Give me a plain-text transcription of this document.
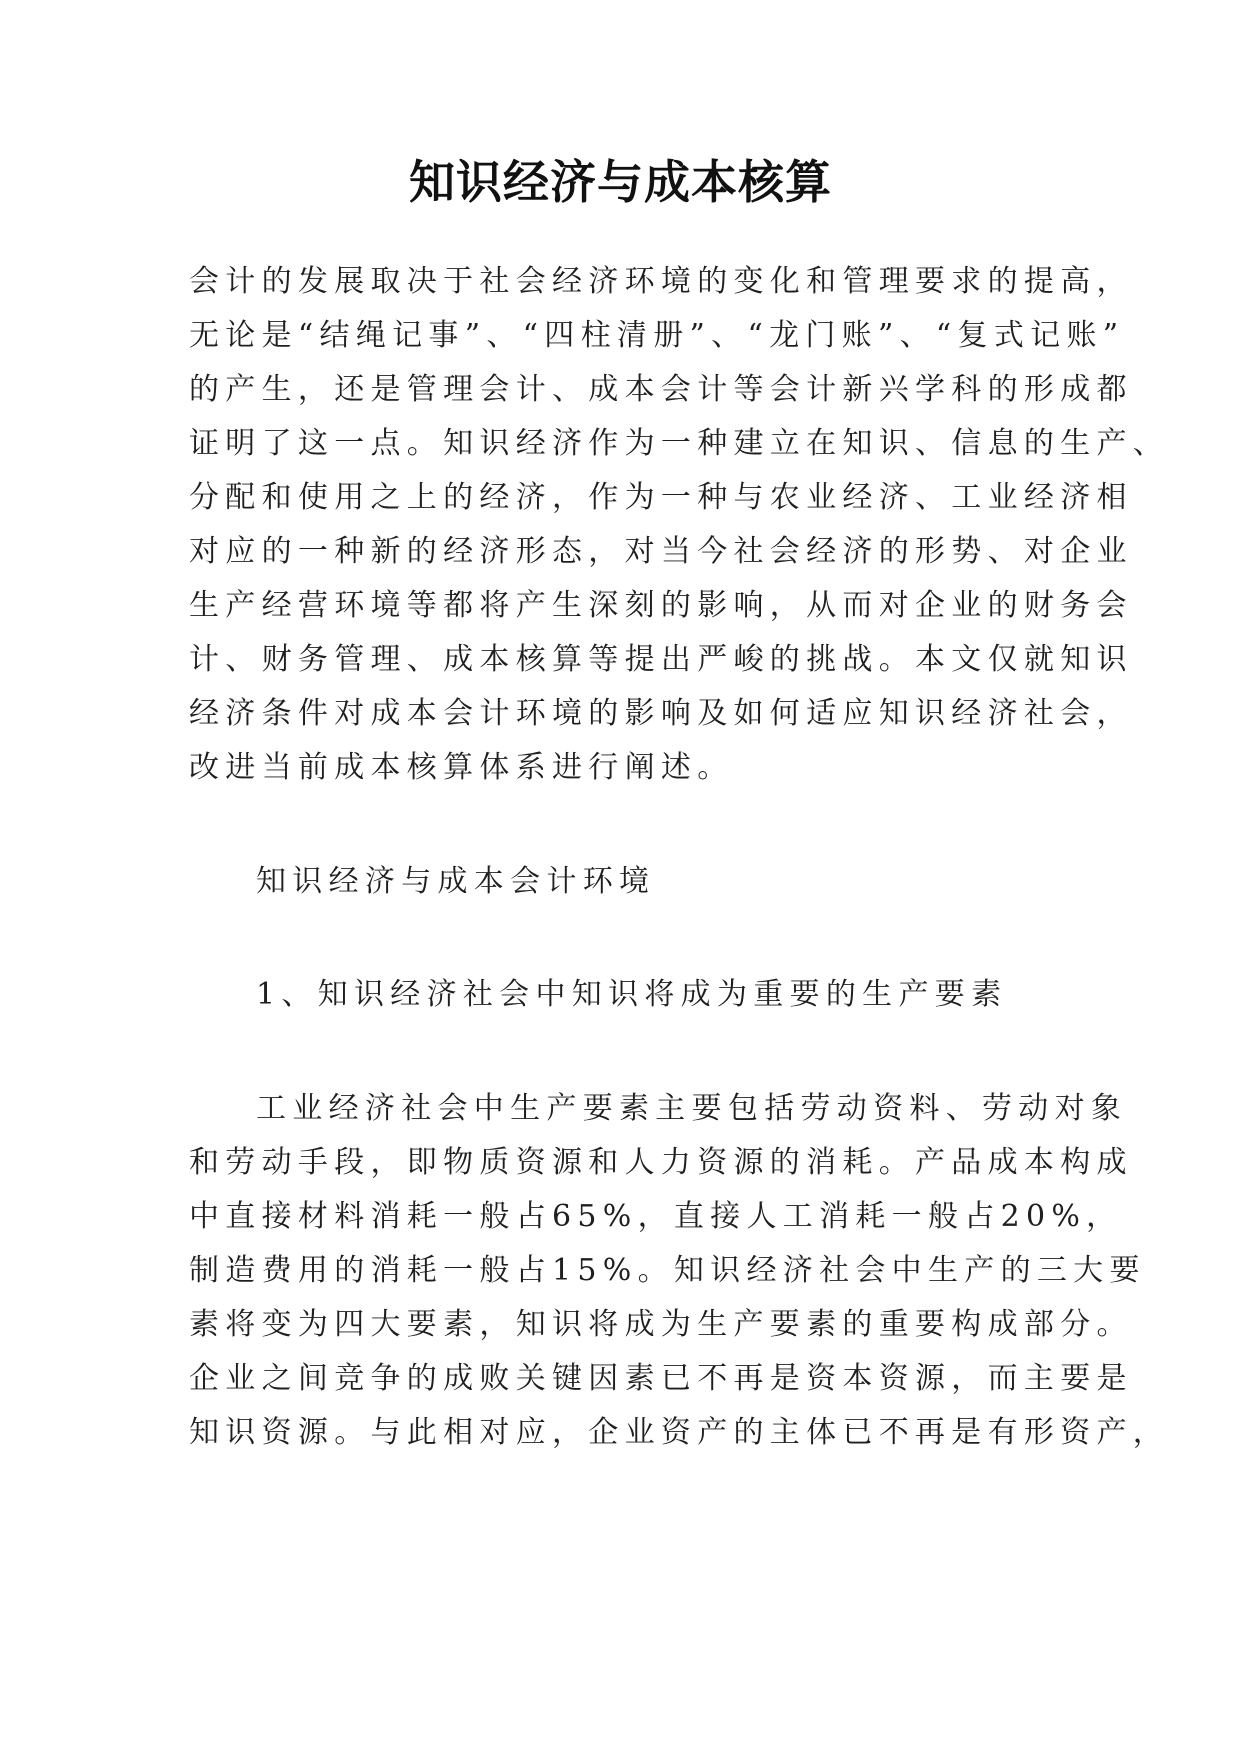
知识经济与成本核算
会计的发展取决于社会经济环境的变化和管理要求的提高，
无论是“结绳记事”、“四柱清册”、“龙门账”、“复式记账”
的产生，还是管理会计、成本会计等会计新兴学科的形成都
证明了这一点。知识经济作为一种建立在知识、信息的生产、
分配和使用之上的经济，作为一种与农业经济、工业经济相
对应的一种新的经济形态，对当今社会经济的形势、对企业
生产经营环境等都将产生深刻的影响，从而对企业的财务会
计、财务管理、成本核算等提出严峻的挑战。本文仅就知识
经济条件对成本会计环境的影响及如何适应知识经济社会，
改进当前成本核算体系进行阐述。
知识经济与成本会计环境
1、知识经济社会中知识将成为重要的生产要素
工业经济社会中生产要素主要包括劳动资料、劳动对象
和劳动手段，即物质资源和人力资源的消耗。产品成本构成
中直接材料消耗一般占65%，直接人工消耗一般占20%，
制造费用的消耗一般占15%。知识经济社会中生产的三大要
素将变为四大要素，知识将成为生产要素的重要构成部分。
企业之间竞争的成败关键因素已不再是资本资源，而主要是
知识资源。与此相对应，企业资产的主体已不再是有形资产，
